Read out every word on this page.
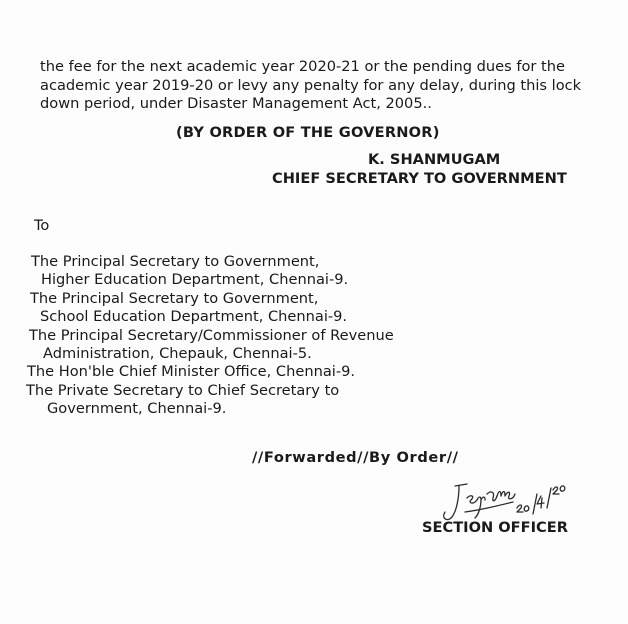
the fee for the next academic year 2020-21 or the pending dues for the
academic year 2019-20 or levy any penalty for any delay, during this lock
down period, under Disaster Management Act, 2005..
(BY ORDER OF THE GOVERNOR)
K. SHANMUGAM
CHIEF SECRETARY TO GOVERNMENT
To
The Principal Secretary to Government,
Higher Education Department, Chennai-9.
The Principal Secretary to Government,
School Education Department, Chennai-9.
The Principal Secretary/Commissioner of Revenue
Administration, Chepauk, Chennai-5.
The Hon'ble Chief Minister Office, Chennai-9.
The Private Secretary to Chief Secretary to
Government, Chennai-9.
//Forwarded//By Order//
SECTION OFFICER
